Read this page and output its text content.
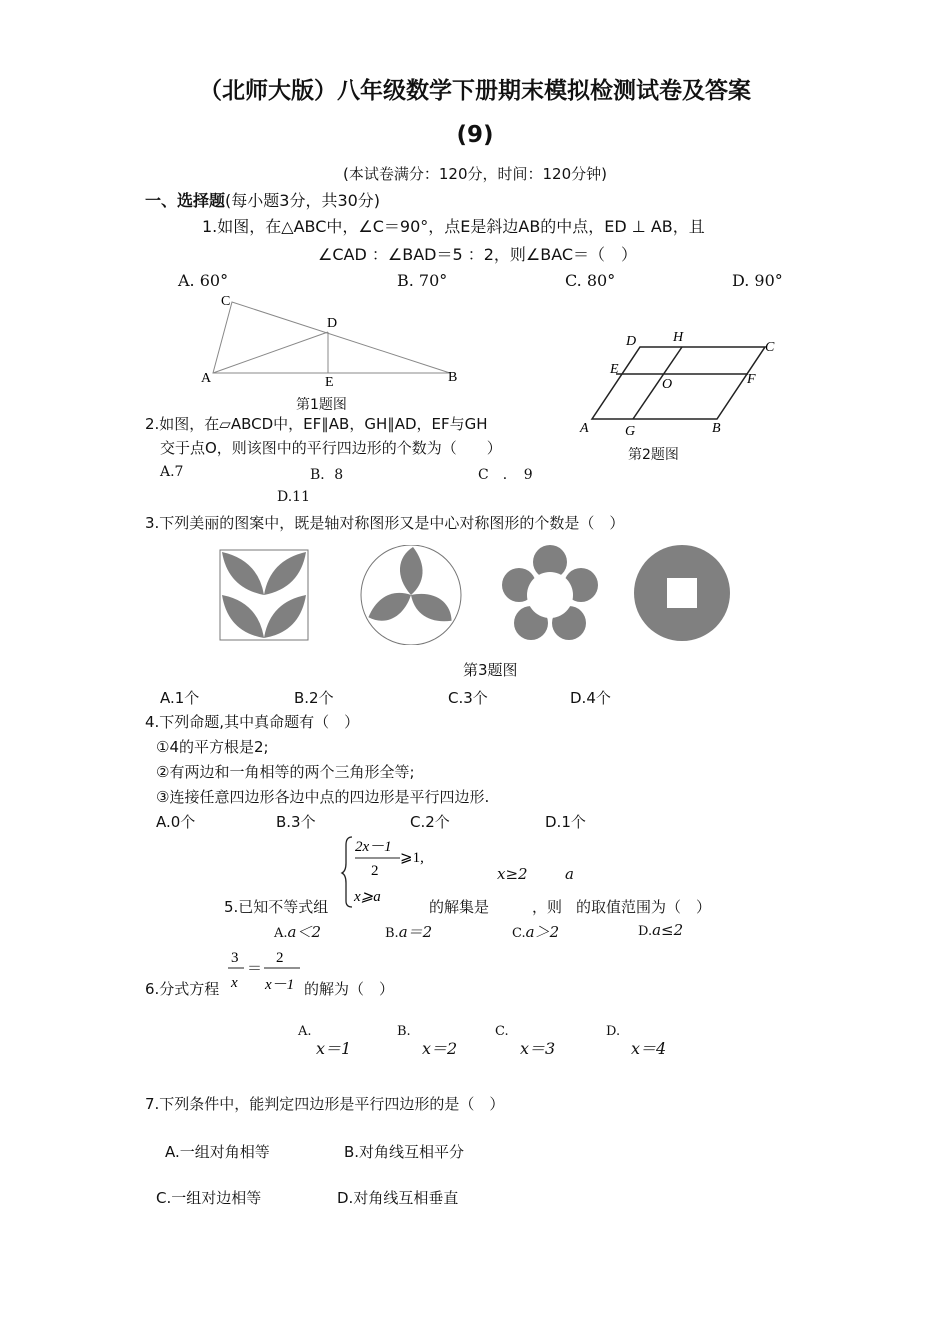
（北师大版）八年级数学下册期末模拟检测试卷及答案
(9)
(本试卷满分：120分，时间：120分钟)
一、选择题(每小题3分，共30分)
1.如图，在△ABC中，∠C＝90°，点E是斜边AB的中点，ED ⊥ AB，且
∠CAD ：∠BAD＝5 ：2，则∠BAC＝（　）
A. 60°	B. 70°	C. 80°	D. 90°
C
D
A	E	B
第1题图
2.如图，在▱ABCD中，EF∥AB，GH∥AD，EF与GH
交于点O，则该图中的平行四边形的个数为（　　）
A.7	B．8	C　．　9
D.11
D	H
C
E
O	F
A	G	B
第2题图
3.下列美丽的图案中，既是轴对称图形又是中心对称图形的个数是（　）
第3题图
A.1个	B.2个	C.3个	D.4个
4.下列命题,其中真命题有（　）
①4的平方根是2;
②有两边和一角相等的两个三角形全等;
③连接任意四边形各边中点的四边形是平行四边形.
A.0个	B.3个	C.2个	D.1个
2x－1
2
⩾1,
x⩾a
x≥2 a
5.已知不等式组	的解集是	，则 的取值范围为（　）
A.a＜2	B.a＝2	C.a＞2	D.a≤2
3
x
＝
2
x－1
6.分式方程	的解为（　）
A.
x＝1
B.
x＝2
C.
x＝3
D.
x＝4
7.下列条件中，能判定四边形是平行四边形的是（　）
A.一组对角相等	B.对角线互相平分
C.一组对边相等	D.对角线互相垂直
